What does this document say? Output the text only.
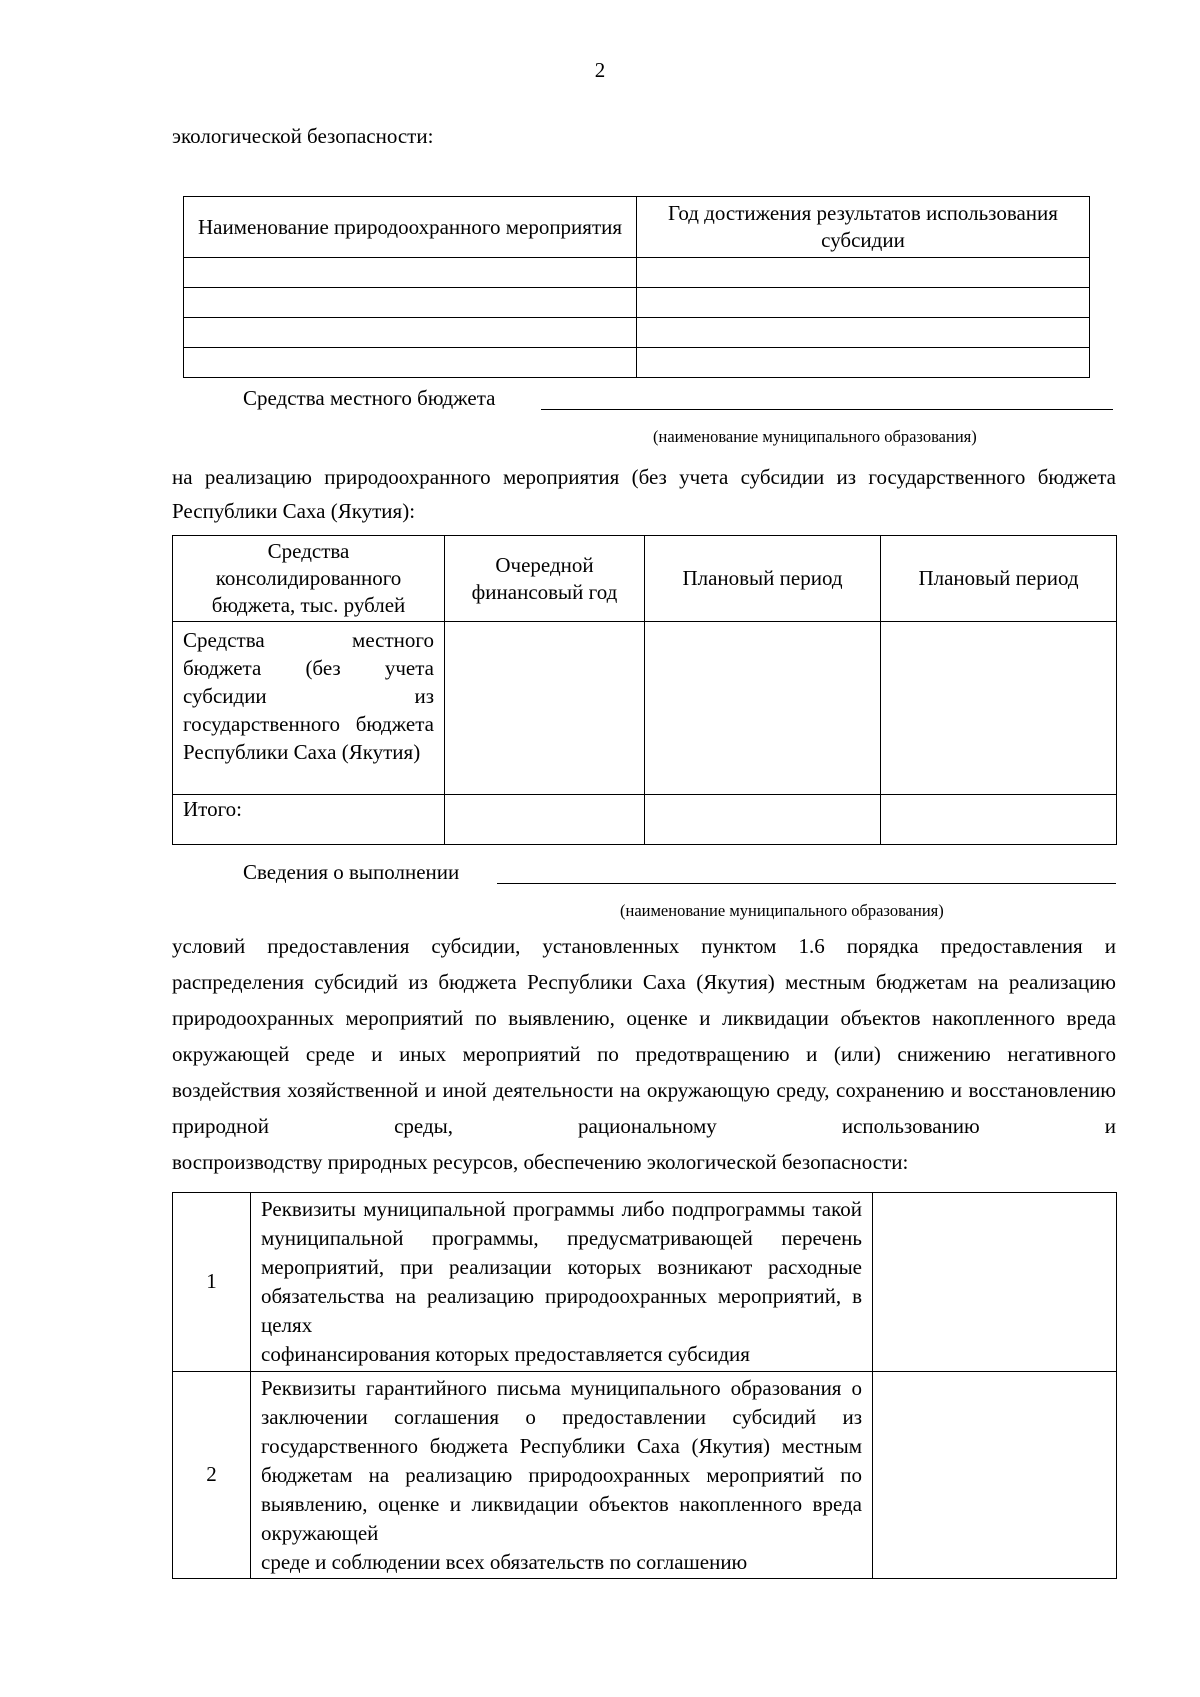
2
экологической безопасности:
Наименование природоохранного мероприятия	Год достижения результатов использования субсидии

Средства местного бюджета
(наименование муниципального образования)
на реализацию природоохранного мероприятия (без учета субсидии из государственного бюджета Республики Саха (Якутия):
Средства консолидированного бюджета, тыс. рублей	Очередной финансовый год	Плановый период	Плановый период
Средства местного бюджета (без учета субсидии из государственного бюджета Республики Саха (Якутия)			
Итого:			
Сведения о выполнении
(наименование муниципального образования)
условий предоставления субсидии, установленных пунктом 1.6 порядка предоставления и распределения субсидий из бюджета Республики Саха (Якутия) местным бюджетам на реализацию природоохранных мероприятий по выявлению, оценке и ликвидации объектов накопленного вреда окружающей среде и иных мероприятий по предотвращению и (или) снижению негативного воздействия хозяйственной и иной деятельности на окружающую среду, сохранению и восстановлению природной среды, рациональному использованию и
воспроизводству природных ресурсов, обеспечению экологической безопасности:
1	Реквизиты муниципальной программы либо подпрограммы такой муниципальной программы, предусматривающей перечень мероприятий, при реализации которых возникают расходные обязательства на реализацию природоохранных мероприятий, в целях
софинансирования которых предоставляется субсидия	

2	Реквизиты гарантийного письма муниципального образования о заключении соглашения о предоставлении субсидий из государственного бюджета Республики Саха (Якутия) местным бюджетам на реализацию природоохранных мероприятий по выявлению, оценке и ликвидации объектов накопленного вреда окружающей
среде и соблюдении всех обязательств по соглашению	
